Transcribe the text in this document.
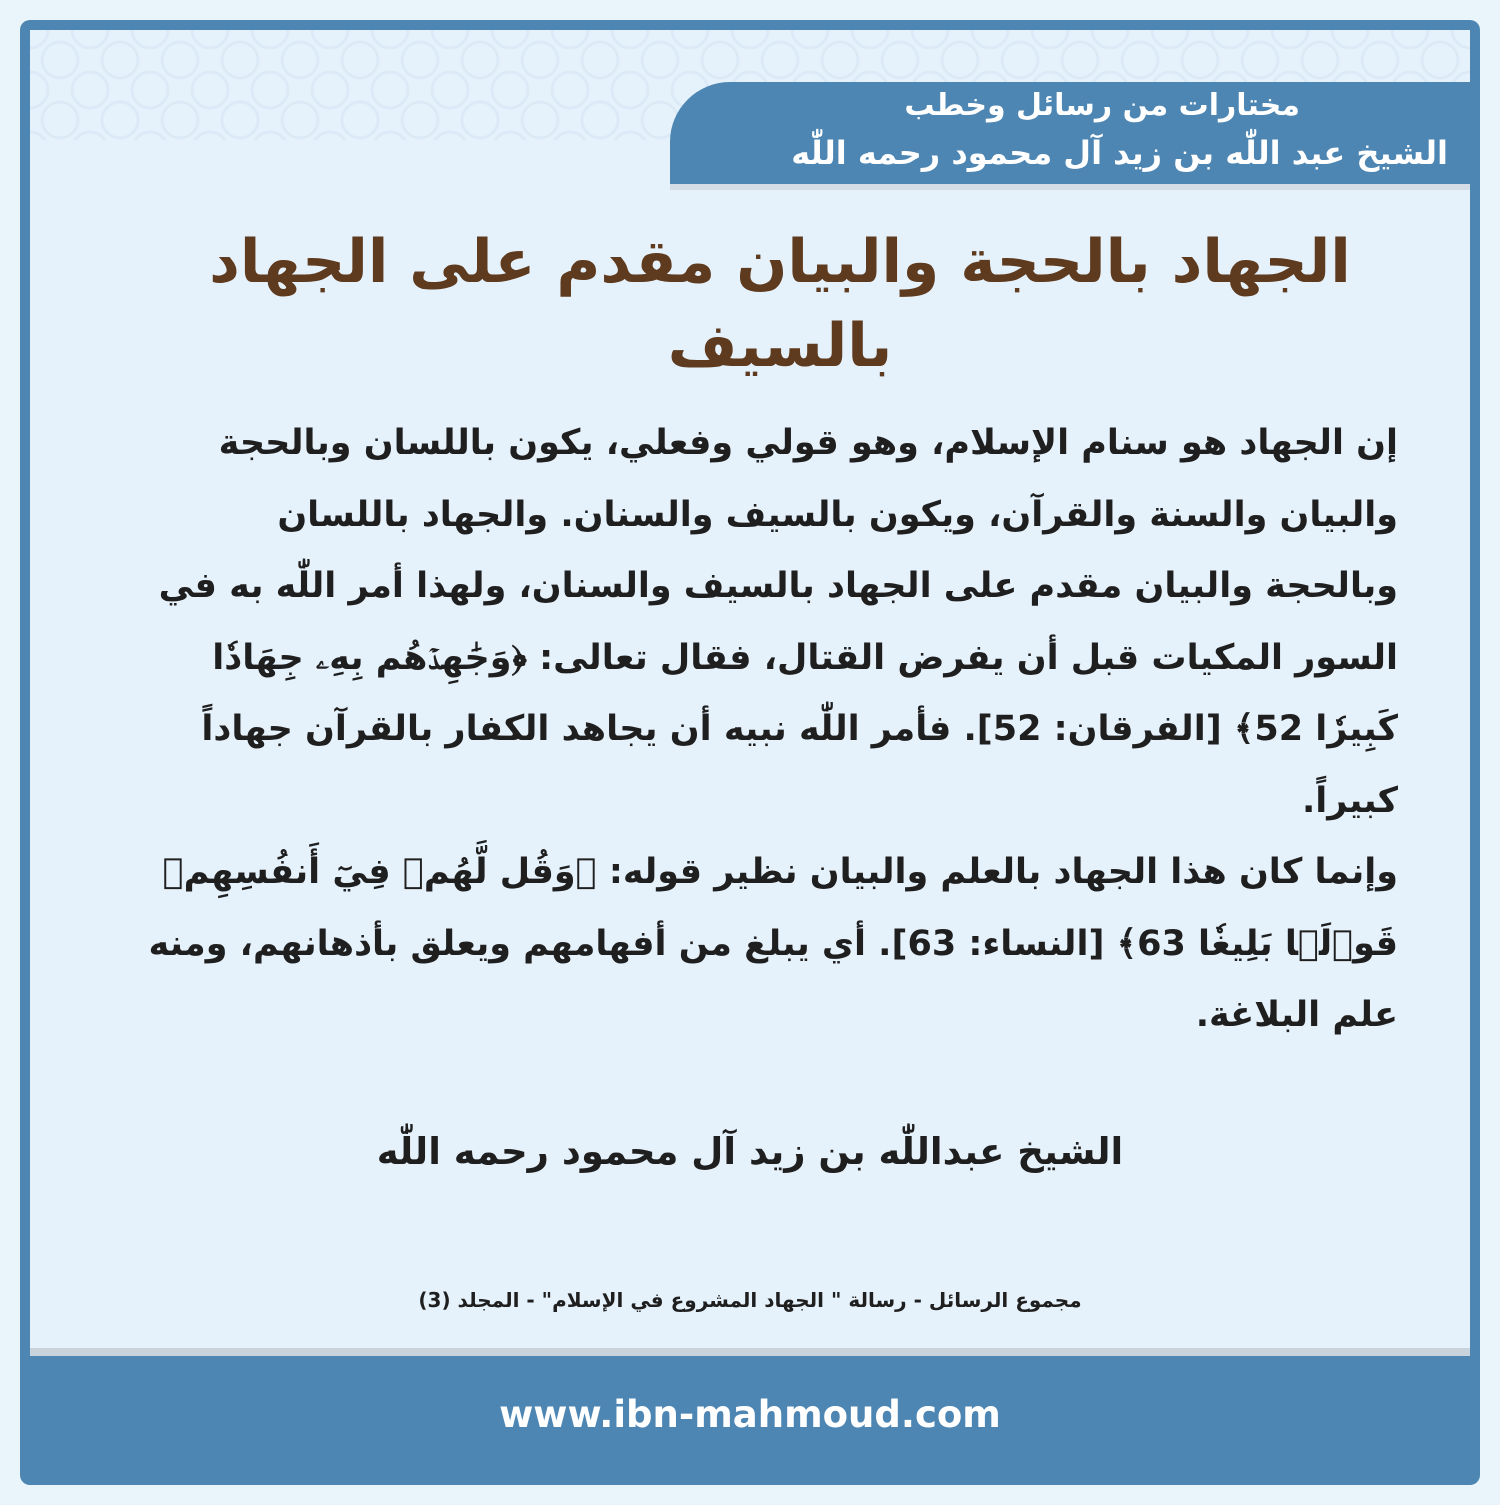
مختارات من رسائل وخطب
الشيخ عبد اللّٰه بن زيد آل محمود رحمه اللّٰه
الجهاد بالحجة والبيان مقدم على الجهاد بالسيف

إن الجهاد هو سنام الإسلام، وهو قولي وفعلي، يكون باللسان وبالحجة والبيان والسنة والقرآن، ويكون بالسيف والسنان. والجهاد باللسان وبالحجة والبيان مقدم على الجهاد بالسيف والسنان، ولهذا أمر اللّٰه به في السور المكيات قبل أن يفرض القتال، فقال تعالى: ﴿وَجَٰهِدۡهُم بِهِۦ جِهَادٗا كَبِيرٗا 52﴾ [الفرقان: 52]. فأمر اللّٰه نبيه أن يجاهد الكفار بالقرآن جهاداً كبيراً.

وإنما كان هذا الجهاد بالعلم والبيان نظير قوله: ﴿وَقُل لَّهُمۡ فِيٓ أَنفُسِهِمۡ قَوۡلَۢا بَلِيغٗا 63﴾ [النساء: 63]. أي يبلغ من أفهامهم ويعلق بأذهانهم، ومنه علم البلاغة.

الشيخ عبداللّٰه بن زيد آل محمود رحمه اللّٰه
مجموع الرسائل - رسالة " الجهاد المشروع في الإسلام" - المجلد (3)
www.ibn-mahmoud.com
